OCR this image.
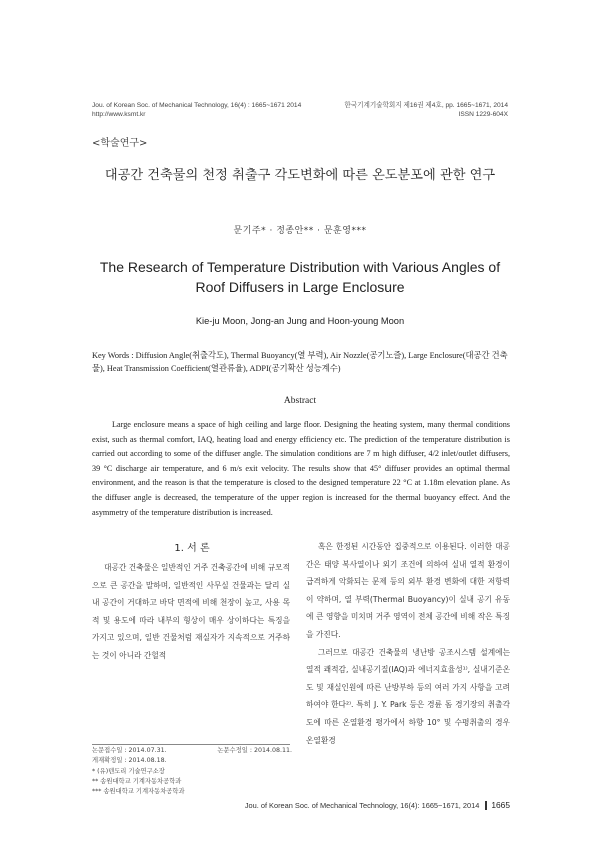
Jou. of Korean Soc. of Mechanical Technology, 16(4) : 1665~1671 2014
http://www.ksmt.kr
한국기계기술학회지 제16권 제4호, pp. 1665~1671, 2014
ISSN 1229-604X
<학술연구>
대공간 건축물의 천정 취출구 각도변화에 따른 온도분포에 관한 연구
문기주* · 정종안** · 문훈영***
The Research of Temperature Distribution with Various Angles of
Roof Diffusers in Large Enclosure
Kie-ju Moon, Jong-an Jung and Hoon-young Moon
Key Words : Diffusion Angle(취출각도), Thermal Buoyancy(열 부력), Air Nozzle(공기노즐), Large Enclosure(대공간 건축물), Heat Transmission Coefficient(열관류율), ADPI(공기확산 성능계수)
Abstract
Large enclosure means a space of high ceiling and large floor. Designing the heating system, many thermal conditions exist, such as thermal comfort, IAQ, heating load and energy efficiency etc. The prediction of the temperature distribution is carried out according to some of the diffuser angle. The simulation conditions are 7 m high diffuser, 4/2 inlet/outlet diffusers, 39 °C discharge air temperature, and 6 m/s exit velocity. The results show that 45° diffuser provides an optimal thermal environment, and the reason is that the temperature is closed to the designed temperature 22 °C at 1.18m elevation plane. As the diffuser angle is decreased, the temperature of the upper region is increased for the thermal buoyancy effect. And the asymmetry of the temperature distribution is increased.
1. 서 론

대공간 건축물은 일반적인 거주 건축공간에 비해 규모적으로 큰 공간을 말하며, 일반적인 사무실 건물과는 달리 실내 공간이 거대하고 바닥 면적에 비해 천장이 높고, 사용 목적 및 용도에 따라 내부의 형상이 매우 상이하다는 특징을 가지고 있으며, 일반 건물처럼 재실자가 지속적으로 거주하는 것이 아니라 간헐적

혹은 한정된 시간동안 집중적으로 이용된다. 이러한 대공간은 태양 복사열이나 외기 조건에 의하여 실내 열적 환경이 급격하게 악화되는 문제 등의 외부 환경 변화에 대한 저항력이 약하며, 열 부력(Thermal Buoyancy)이 실내 공기 유동에 큰 영향을 미치며 거주 영역이 전체 공간에 비해 작은 특징을 가진다.

그러므로 대공간 건축물의 냉난방 공조시스템 설계에는 열적 쾌적감, 실내공기질(IAQ)과 에너지효율성¹⁾, 실내기준온도 및 재실인원에 따른 난방부하 등의 여러 가지 사항을 고려하여야 한다²⁾. 특히 J. Y. Park 등은 경륜 돔 경기장의 취출각도에 따른 온열환경 평가에서 하향 10° 및 수평취출의 경우 온열환경

논문접수일 : 2014.07.31.	논문수정일 : 2014.08.11.
게재확정일 : 2014.08.18.
* (유)텐도리 기술연구소장
** 송원대학교 기계자동차공학과
*** 송원대학교 기계자동차공학과
Jou. of Korean Soc. of Mechanical Technology, 16(4): 1665~1671, 2014 1665
